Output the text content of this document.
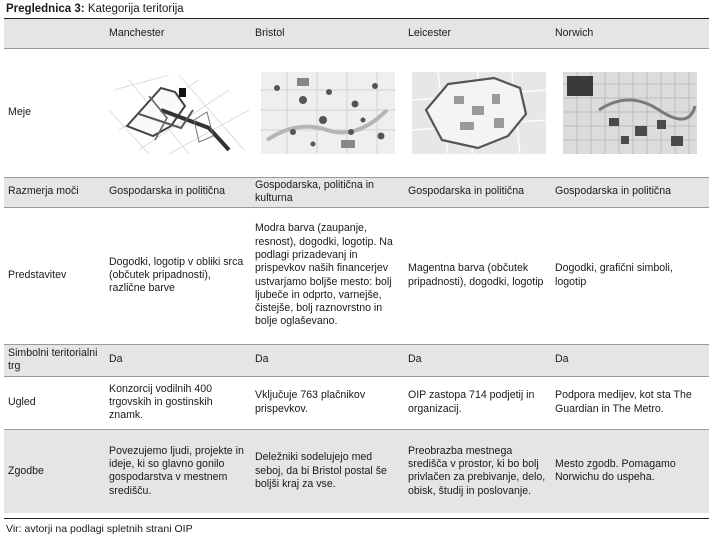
Preglednica 3: Kategorija teritorija
	Manchester	Bristol	Leicester	Norwich
Meje	

Razmerja moči	Gospodarska in politična	Gospodarska, politična in kulturna	Gospodarska in politična	Gospodarska in politična
Predstavitev	Dogodki, logotip v obliki srca (občutek pripadnosti), različne barve	Modra barva (zaupanje, resnost), dogodki, logotip. Na podlagi prizadevanj in prispevkov naših financerjev ustvarjamo boljše mesto: bolj ljubeče in odprto, varnejše, čistejše, bolj raznovrstno in bolje oglaševano.	Magentna barva (občutek pripadnosti), dogodki, logotip	Dogodki, grafični simboli, logotip
Simbolni teritorialni trg	Da	Da	Da	Da
Ugled	Konzorcij vodilnih 400 trgovskih in gostinskih znamk.	Vključuje 763 plačnikov prispevkov.	OIP zastopa 714 podjetij in organizacij.	Podpora medijev, kot sta The Guardian in The Metro.
Zgodbe	Povezujemo ljudi, projekte in ideje, ki so glavno gonilo gospodarstva v mestnem središču.	Deležniki sodelujejo med seboj, da bi Bristol postal še boljši kraj za vse.	Preobrazba mestnega središča v prostor, ki bo bolj privlačen za prebivanje, delo, obisk, študij in poslovanje.	Mesto zgodb. Pomagamo Norwichu do uspeha.
Vir: avtorji na podlagi spletnih strani OIP
